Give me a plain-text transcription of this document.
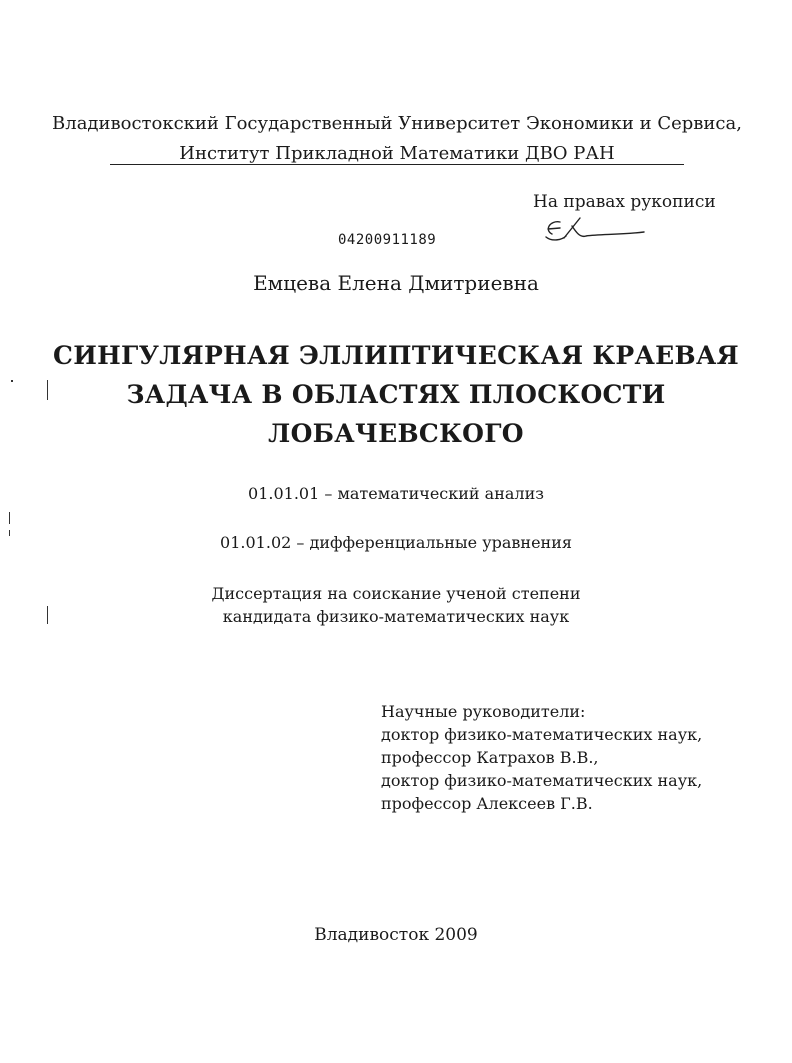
Владивостокский Государственный Университет Экономики и Сервиса,
Институт Прикладной Математики ДВО РАН
На правах рукописи
04200911189
Емцева Елена Дмитриевна
СИНГУЛЯРНАЯ ЭЛЛИПТИЧЕСКАЯ КРАЕВАЯ
ЗАДАЧА В ОБЛАСТЯХ ПЛОСКОСТИ
ЛОБАЧЕВСКОГО
01.01.01 – математический анализ
01.01.02 – дифференциальные уравнения
Диссертация на соискание ученой степени
кандидата физико-математических наук
Научные руководители:
доктор физико-математических наук,
профессор Катрахов В.В.,
доктор физико-математических наук,
профессор Алексеев Г.В.
Владивосток 2009
